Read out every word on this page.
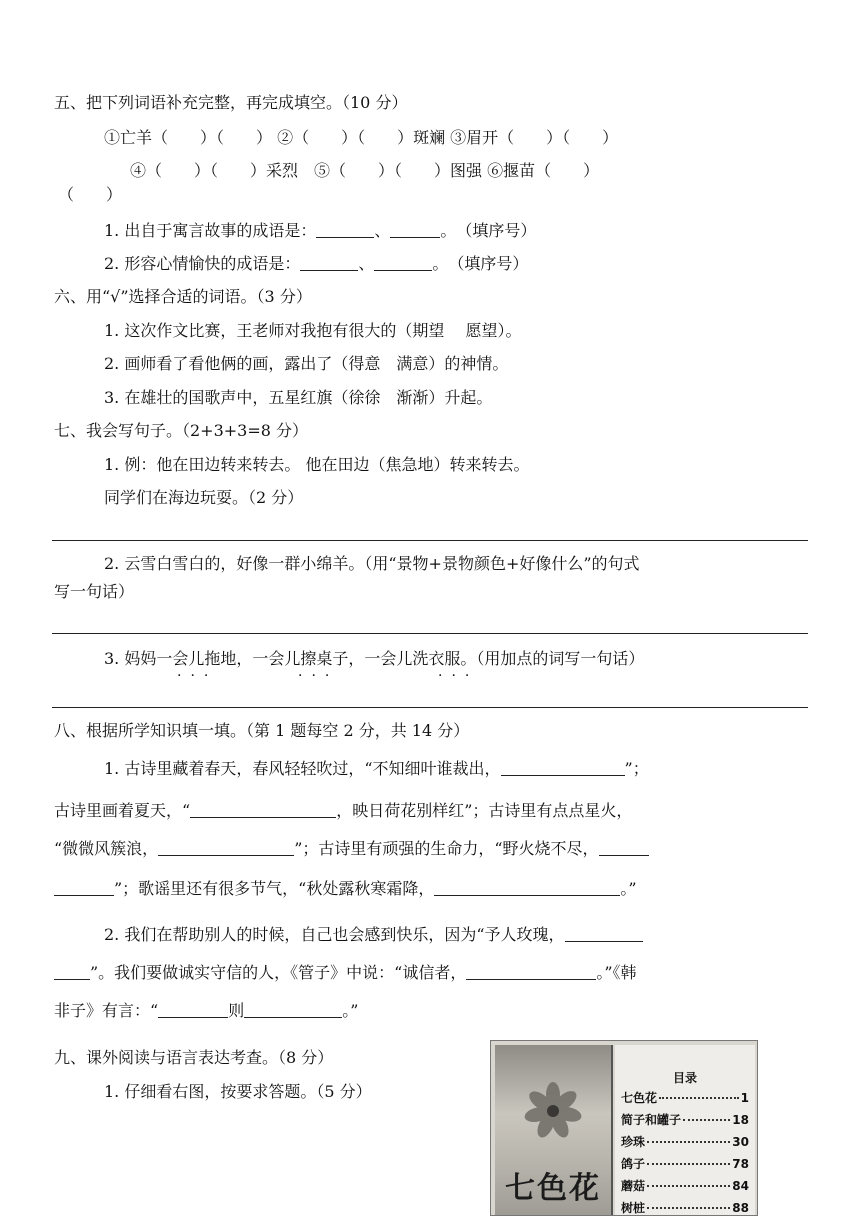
五、把下列词语补充完整，再完成填空。（10 分）
①亡羊（　　）（　　） ②（　　）（　　）斑斓 ③眉开（　　）（　　）
④（　　）（　　）采烈　⑤（　　）（　　）图强 ⑥揠苗（　　）
（　　）
1. 出自于寓言故事的成语是：	、	。　（填序号）
2. 形容心情愉快的成语是：	、	。　（填序号）
六、用“√”选择合适的词语。（3 分）
1. 这次作文比赛，王老师对我抱有很大的（期望　 愿望）。
2. 画师看了看他俩的画，露出了（得意　满意）的神情。
3. 在雄壮的国歌声中，五星红旗（徐徐　渐渐）升起。
七、我会写句子。（2+3+3=8 分）
1. 例：他在田边转来转去。 他在田边（焦急地）转来转去。
同学们在海边玩耍。（2 分）
2. 云雪白雪白的，好像一群小绵羊。（用“景物+景物颜色+好像什么”的句式
写一句话）
3. 妈妈一会儿拖地，一会儿擦桌子，一会儿洗衣服。（用加点的词写一句话）
···	···	···
八、根据所学知识填一填。（第 1 题每空 2 分，共 14 分）
1. 古诗里藏着春天，春风轻轻吹过，“不知细叶谁裁出，	”；
古诗里画着夏天，“	，映日荷花别样红”；古诗里有点点星火，
“微微风簇浪，	”；古诗里有顽强的生命力，“野火烧不尽，
”；歌谣里还有很多节气，“秋处露秋寒霜降，	。”
2. 我们在帮助别人的时候，自己也会感到快乐，因为“予人玫瑰，
”。我们要做诚实守信的人，《管子》中说：“诚信者，	。”《韩
非子》有言：“	则	。”
九、课外阅读与语言表达考查。（8 分）
1. 仔细看右图，按要求答题。（5 分）
七色花
目录
七色花	1
简子和罐子	18
珍珠	30
鸽子	78
蘑菇	84
树桩	88
